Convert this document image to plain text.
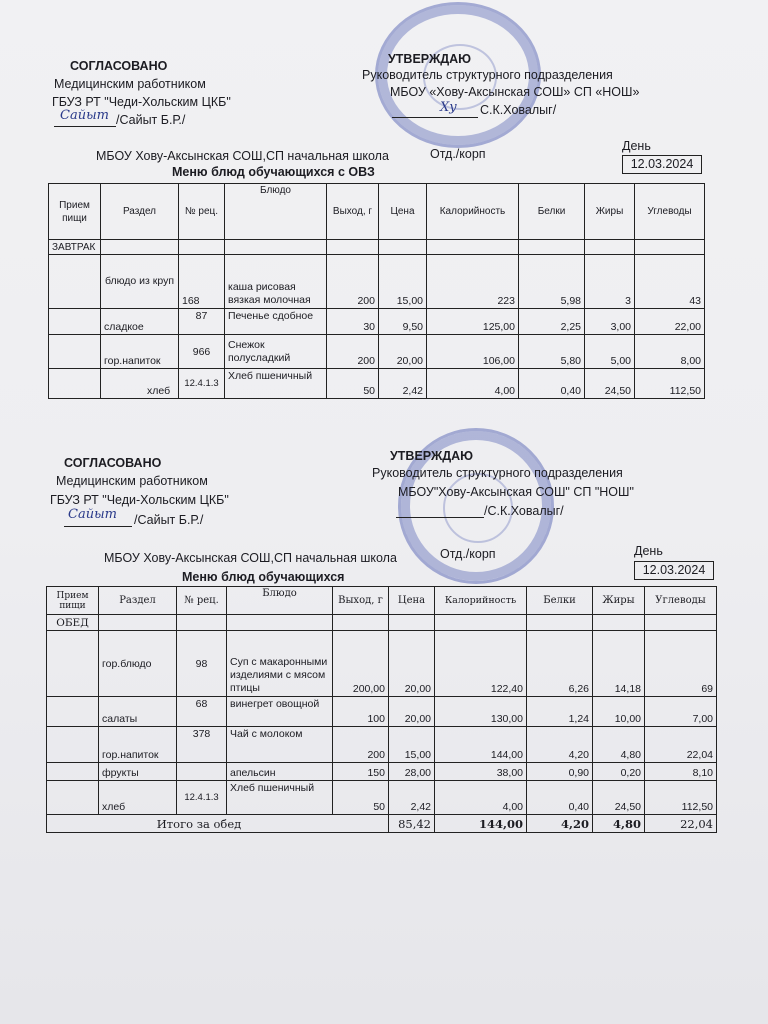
СОГЛАСОВАНО
Медицинским работником
ГБУЗ РТ "Чеди-Хольским ЦКБ"
Сайыт /Сайыт Б.Р./
УТВЕРЖДАЮ
Руководитель структурного подразделения
МБОУ «Хову-Аксынская СОШ» СП «НОШ»
Ху С.К.Ховалыг/
День
МБОУ Хову-Аксынская СОШ,СП начальная школа	Отд./корп
12.03.2024
Меню блюд обучающихся с ОВЗ
Прием пищи	Раздел	№ рец.	Блюдо	Выход, г	Цена	Калорийность	Белки	Жиры	Углеводы
ЗАВТРАК									
	блюдо из круп	168	каша рисовая вязкая молочная	200	15,00	223	5,98	3	43
	сладкое	87	Печенье сдобное	30	9,50	125,00	2,25	3,00	22,00
	гор.напиток	966	Снежок полусладкий	200	20,00	106,00	5,80	5,00	8,00
	хлеб	12.4.1.3	Хлеб пшеничный	50	2,42	4,00	0,40	24,50	112,50
СОГЛАСОВАНО
Медицинским работником
ГБУЗ РТ "Чеди-Хольским ЦКБ"
Сайыт /Сайыт Б.Р./
УТВЕРЖДАЮ
Руководитель структурного подразделения
МБОУ"Хову-Аксынская СОШ" СП "НОШ"
/С.К.Ховалыг/
День
МБОУ Хову-Аксынская СОШ,СП начальная школа	Отд./корп
12.03.2024
Меню блюд обучающихся
Прием пищи	Раздел	№ рец.	Блюдо	Выход, г	Цена	Калорийность	Белки	Жиры	Углеводы
ОБЕД									
	гор.блюдо	98	Суп с макаронными изделиями с мясом птицы	200,00	20,00	122,40	6,26	14,18	69
	салаты	68	винегрет овощной	100	20,00	130,00	1,24	10,00	7,00
	гор.напиток	378	Чай с молоком	200	15,00	144,00	4,20	4,80	22,04
	фрукты		апельсин	150	28,00	38,00	0,90	0,20	8,10
	хлеб	12.4.1.3	Хлеб пшеничный	50	2,42	4,00	0,40	24,50	112,50
Итого за обед					85,42	144,00	4,20	4,80	22,04
